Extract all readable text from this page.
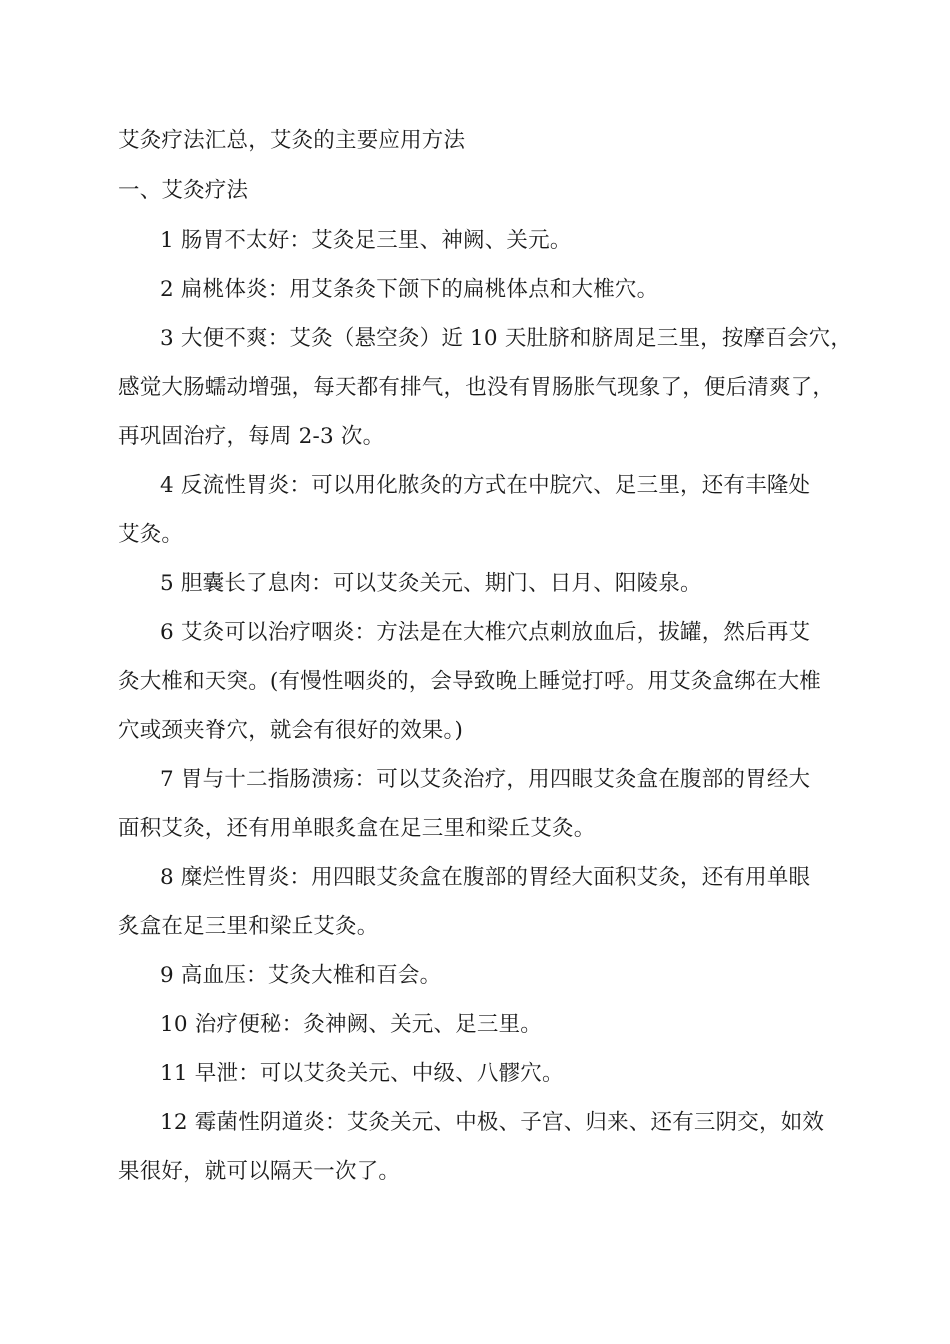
艾灸疗法汇总，艾灸的主要应用方法
一、艾灸疗法
1 肠胃不太好：艾灸足三里、神阙、关元。
2 扁桃体炎：用艾条灸下颌下的扁桃体点和大椎穴。
3 大便不爽：艾灸（悬空灸）近 10 天肚脐和脐周足三里，按摩百会穴，
感觉大肠蠕动增强，每天都有排气，也没有胃肠胀气现象了，便后清爽了，
再巩固治疗，每周 2-3 次。
4 反流性胃炎：可以用化脓灸的方式在中脘穴、足三里，还有丰隆处
艾灸。
5 胆囊长了息肉：可以艾灸关元、期门、日月、阳陵泉。
6 艾灸可以治疗咽炎：方法是在大椎穴点刺放血后，拔罐，然后再艾
灸大椎和天突。(有慢性咽炎的，会导致晚上睡觉打呼。用艾灸盒绑在大椎
穴或颈夹脊穴，就会有很好的效果。)
7 胃与十二指肠溃疡：可以艾灸治疗，用四眼艾灸盒在腹部的胃经大
面积艾灸，还有用单眼炙盒在足三里和梁丘艾灸。
8 糜烂性胃炎：用四眼艾灸盒在腹部的胃经大面积艾灸，还有用单眼
炙盒在足三里和梁丘艾灸。
9 高血压：艾灸大椎和百会。
10 治疗便秘：灸神阙、关元、足三里。
11 早泄：可以艾灸关元、中级、八髎穴。
12 霉菌性阴道炎：艾灸关元、中极、子宫、归来、还有三阴交，如效
果很好，就可以隔天一次了。
